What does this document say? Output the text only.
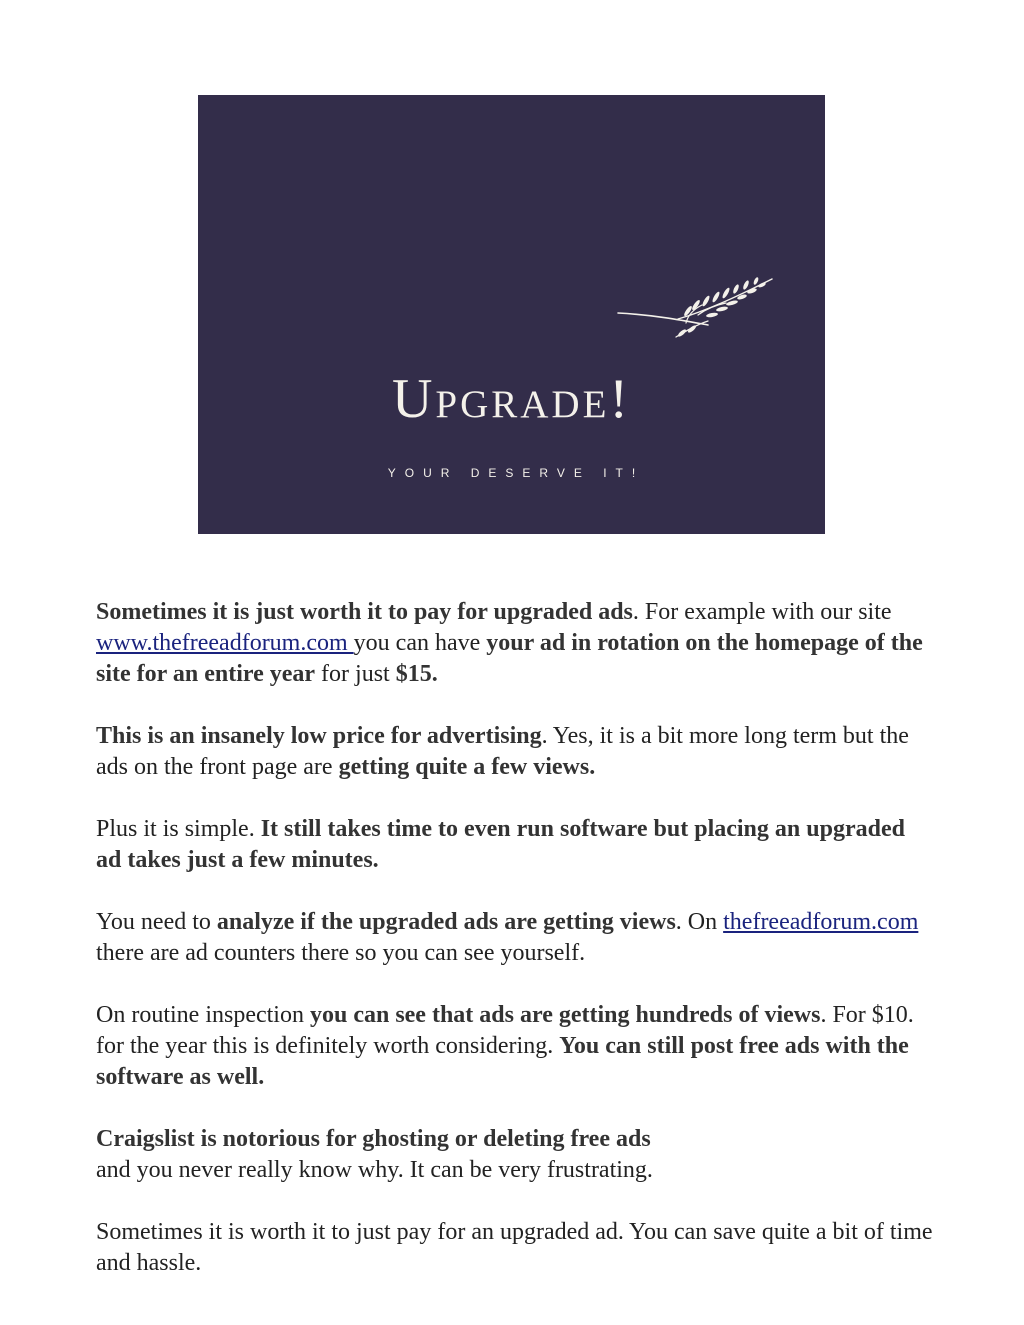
Upgrade!
YOUR DESERVE IT!

Sometimes it is just worth it to pay for upgraded ads. For example with our site www.thefreeadforum.com you can have your ad in rotation on the homepage of the site for an entire year for just $15.

This is an insanely low price for advertising. Yes, it is a bit more long term but the ads on the front page are getting quite a few views.

Plus it is simple. It still takes time to even run software but placing an upgraded ad takes just a few minutes.

You need to analyze if the upgraded ads are getting views. On thefreeadforum.com there are ad counters there so you can see yourself.

On routine inspection you can see that ads are getting hundreds of views. For $10. for the year this is definitely worth considering. You can still post free ads with the software as well.

Craigslist is notorious for ghosting or deleting free ads
and you never really know why. It can be very frustrating.

Sometimes it is worth it to just pay for an upgraded ad. You can save quite a bit of time and hassle.
